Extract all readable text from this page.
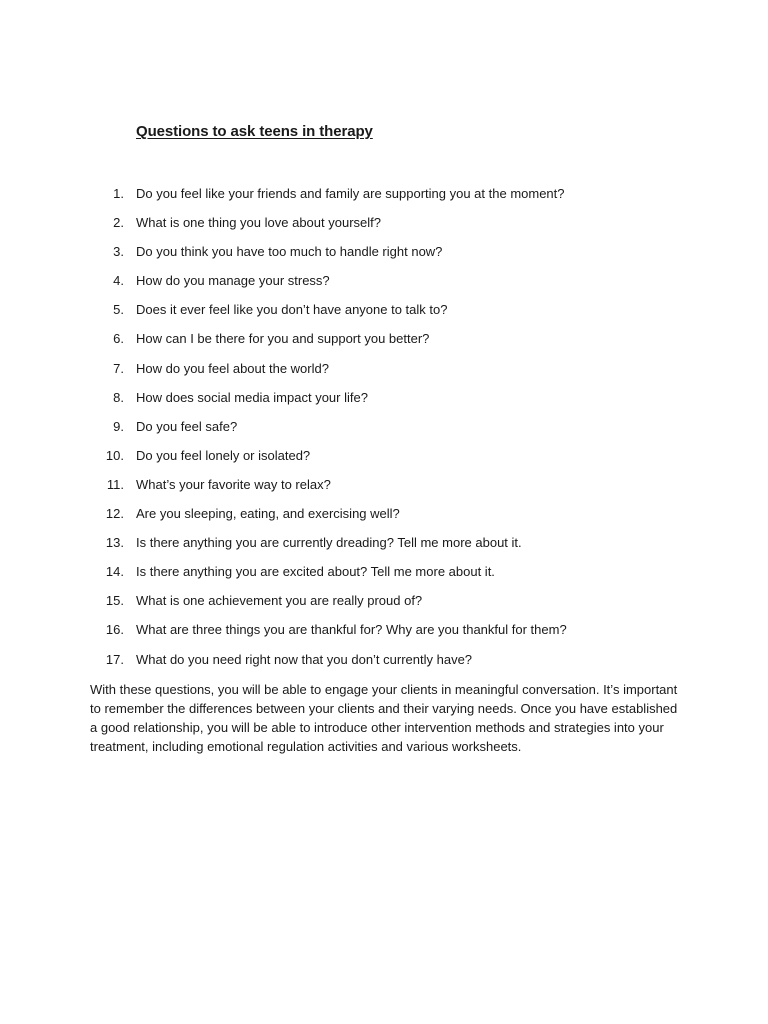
Questions to ask teens in therapy
1. Do you feel like your friends and family are supporting you at the moment?
2. What is one thing you love about yourself?
3. Do you think you have too much to handle right now?
4. How do you manage your stress?
5. Does it ever feel like you don’t have anyone to talk to?
6. How can I be there for you and support you better?
7. How do you feel about the world?
8. How does social media impact your life?
9. Do you feel safe?
10. Do you feel lonely or isolated?
11. What’s your favorite way to relax?
12. Are you sleeping, eating, and exercising well?
13. Is there anything you are currently dreading? Tell me more about it.
14. Is there anything you are excited about? Tell me more about it.
15. What is one achievement you are really proud of?
16. What are three things you are thankful for? Why are you thankful for them?
17. What do you need right now that you don’t currently have?

With these questions, you will be able to engage your clients in meaningful conversation. It’s important to remember the differences between your clients and their varying needs. Once you have established a good relationship, you will be able to introduce other intervention methods and strategies into your treatment, including emotional regulation activities and various worksheets.
